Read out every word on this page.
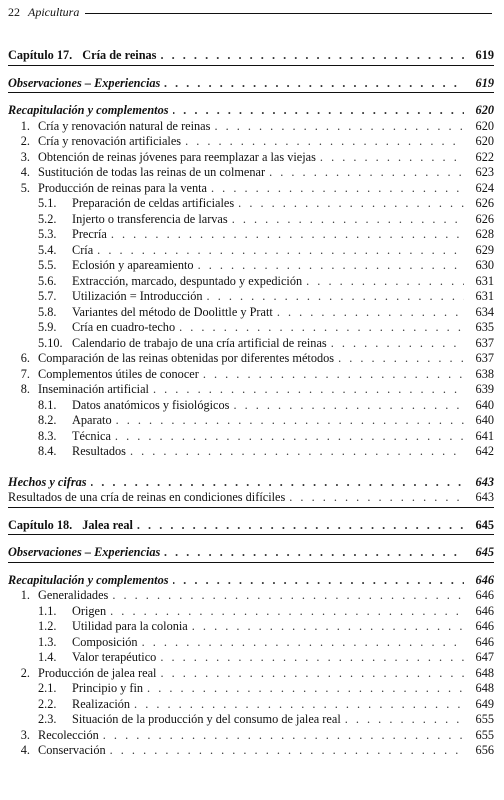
22 Apicultura
Capítulo 17. Cría de reinas . . .	619
Observaciones – Experiencias . . .	619
Recapitulación y complementos . . .	620
1. Cría y renovación natural de reinas . . .	620
2. Cría y renovación artificiales . . .	620
3. Obtención de reinas jóvenes para reemplazar a las viejas . . .	622
4. Sustitución de todas las reinas de un colmenar . . .	623
5. Producción de reinas para la venta . . .	624
5.1.	Preparación de celdas artificiales . . .	626
5.2.	Injerto o transferencia de larvas . . .	626
5.3.	Precría . . .	628
5.4.	Cría . . .	629
5.5.	Eclosión y apareamiento . . .	630
5.6.	Extracción, marcado, despuntado y expedición . . .	631
5.7.	Utilización = Introducción . . .	631
5.8.	Variantes del método de Doolittle y Pratt . . .	634
5.9.	Cría en cuadro-techo . . .	635
5.10. Calendario de trabajo de una cría artificial de reinas . . .	637
6. Comparación de las reinas obtenidas por diferentes métodos . . .	637
7. Complementos útiles de conocer . . .	638
8. Inseminación artificial . . .	639
8.1.	Datos anatómicos y fisiológicos . . .	640
8.2.	Aparato . . .	640
8.3.	Técnica . . .	641
8.4.	Resultados . . .	642
Hechos y cifras . . .	643
Resultados de una cría de reinas en condiciones difíciles . . .	643
Capítulo 18. Jalea real . . .	645
Observaciones – Experiencias . . .	645
Recapitulación y complementos . . .	646
1. Generalidades . . .	646
1.1.	Origen . . .	646
1.2.	Utilidad para la colonia . . .	646
1.3.	Composición . . .	646
1.4.	Valor terapéutico . . .	647
2. Producción de jalea real . . .	648
2.1.	Principio y fin . . .	648
2.2.	Realización . . .	649
2.3.	Situación de la producción y del consumo de jalea real . . .	655
3. Recolección . . .	655
4. Conservación . . .	656
